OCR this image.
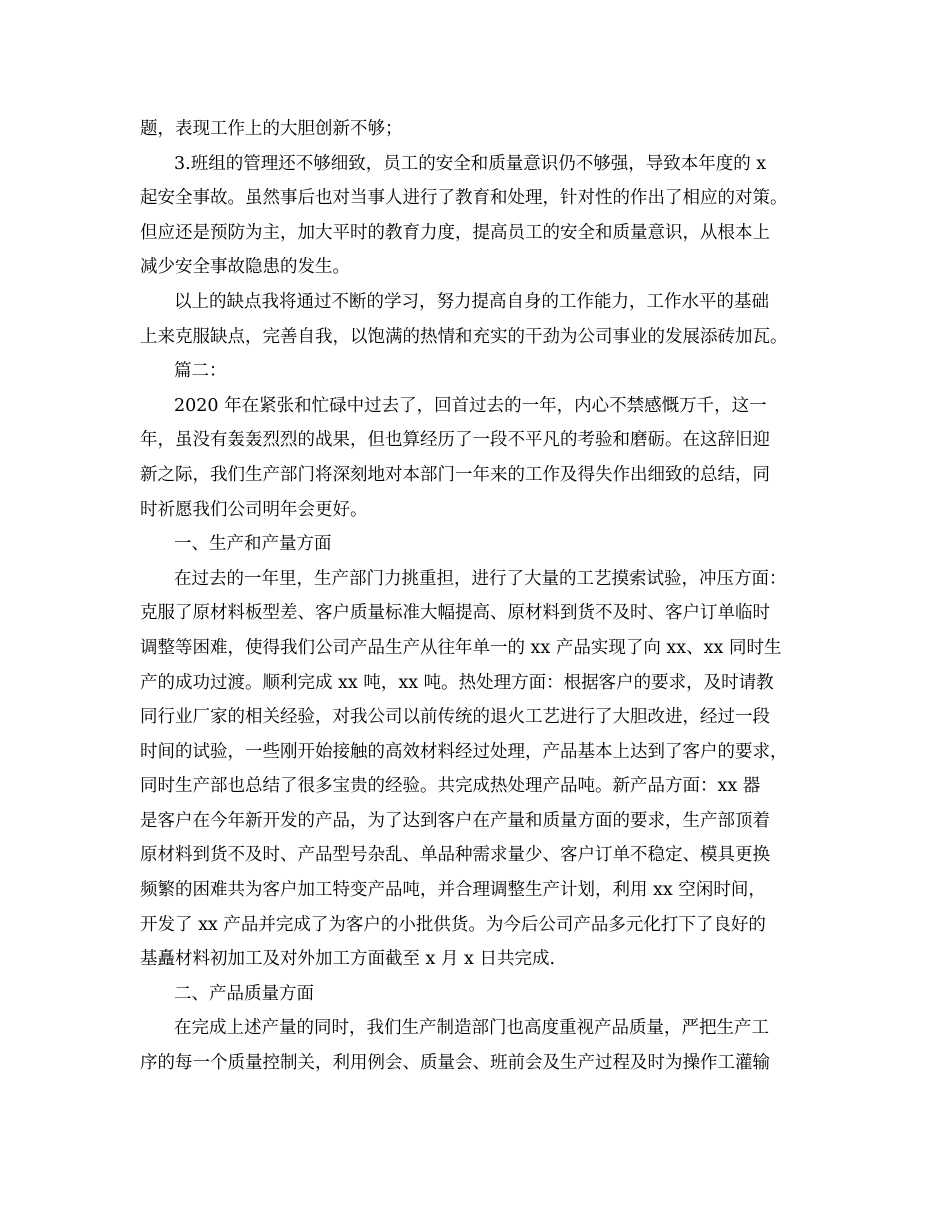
题，表现工作上的大胆创新不够；
3.班组的管理还不够细致，员工的安全和质量意识仍不够强，导致本年度的 x
起安全事故。虽然事后也对当事人进行了教育和处理，针对性的作出了相应的对策。
但应还是预防为主，加大平时的教育力度，提高员工的安全和质量意识，从根本上
减少安全事故隐患的发生。
以上的缺点我将通过不断的学习，努力提高自身的工作能力，工作水平的基础
上来克服缺点，完善自我，以饱满的热情和充实的干劲为公司事业的发展添砖加瓦。
篇二：
2020 年在紧张和忙碌中过去了，回首过去的一年，内心不禁感慨万千，这一
年，虽没有轰轰烈烈的战果，但也算经历了一段不平凡的考验和磨砺。在这辞旧迎
新之际，我们生产部门将深刻地对本部门一年来的工作及得失作出细致的总结，同
时祈愿我们公司明年会更好。
一、生产和产量方面
在过去的一年里，生产部门力挑重担，进行了大量的工艺摸索试验，冲压方面：
克服了原材料板型差、客户质量标准大幅提高、原材料到货不及时、客户订单临时
调整等困难，使得我们公司产品生产从往年单一的 xx 产品实现了向 xx、xx 同时生
产的成功过渡。顺利完成 xx 吨，xx 吨。热处理方面：根据客户的要求，及时请教
同行业厂家的相关经验，对我公司以前传统的退火工艺进行了大胆改进，经过一段
时间的试验，一些刚开始接触的高效材料经过处理，产品基本上达到了客户的要求，
同时生产部也总结了很多宝贵的经验。共完成热处理产品吨。新产品方面：xx 器
是客户在今年新开发的产品，为了达到客户在产量和质量方面的要求，生产部顶着
原材料到货不及时、产品型号杂乱、单品种需求量少、客户订单不稳定、模具更换
频繁的困难共为客户加工特变产品吨，并合理调整生产计划，利用 xx 空闲时间，
开发了 xx 产品并完成了为客户的小批供货。为今后公司产品多元化打下了良好的
基矗材料初加工及对外加工方面截至 x 月 x 日共完成.
二、产品质量方面
在完成上述产量的同时，我们生产制造部门也高度重视产品质量，严把生产工
序的每一个质量控制关，利用例会、质量会、班前会及生产过程及时为操作工灌输
